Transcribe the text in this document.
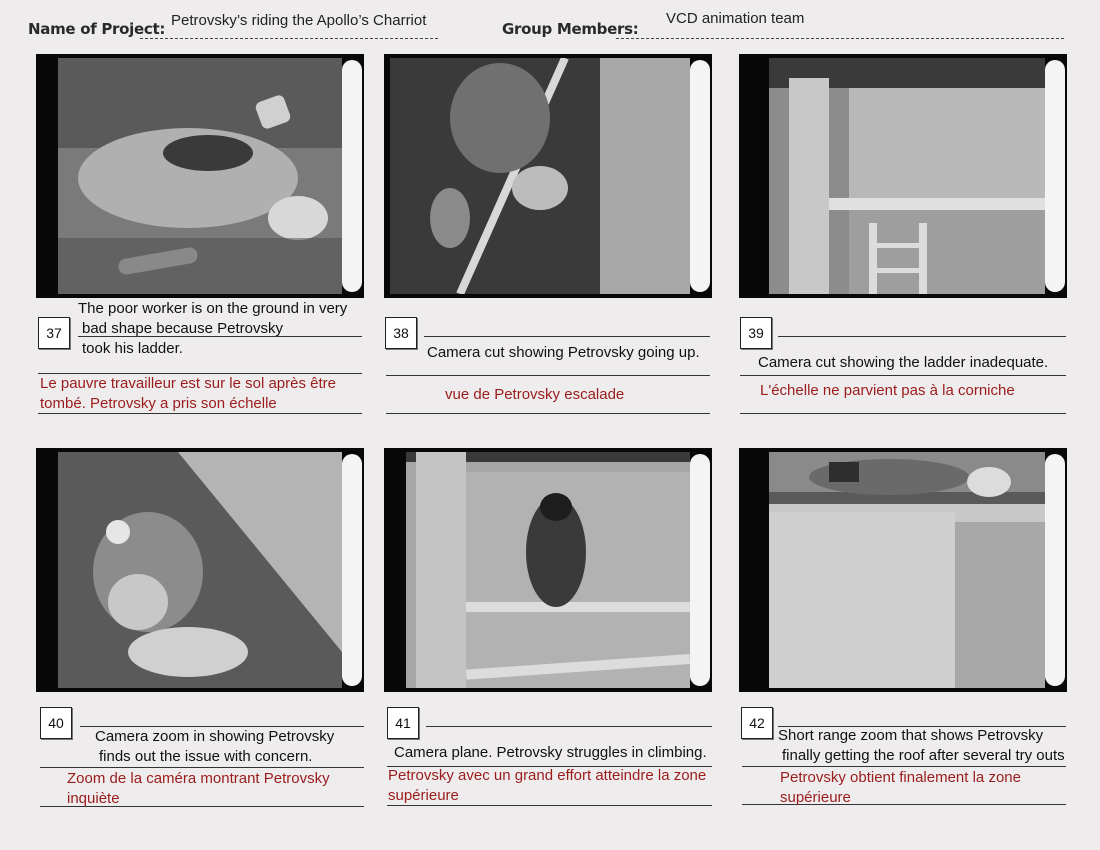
Name of Project: Petrovsky’s riding the Apollo’s Charriot	Group Members:
VCD animation team
37
The poor worker is on the ground in very
bad shape because Petrovsky
took his ladder.
Le pauvre travailleur est sur le sol après être
tombé. Petrovsky a pris son échelle
38
Camera cut showing Petrovsky going up.
vue de Petrovsky escalade
39
Camera cut showing the ladder inadequate.
L'échelle ne parvient pas à la corniche
40
Camera zoom in showing Petrovsky
finds out the issue with concern.
Zoom de la caméra montrant Petrovsky
inquiète
41
Camera plane. Petrovsky struggles in climbing.
Petrovsky avec un grand effort atteindre la zone
supérieure
42
Short range zoom that shows Petrovsky
finally getting the roof after several try outs
Petrovsky obtient finalement la zone
supérieure
